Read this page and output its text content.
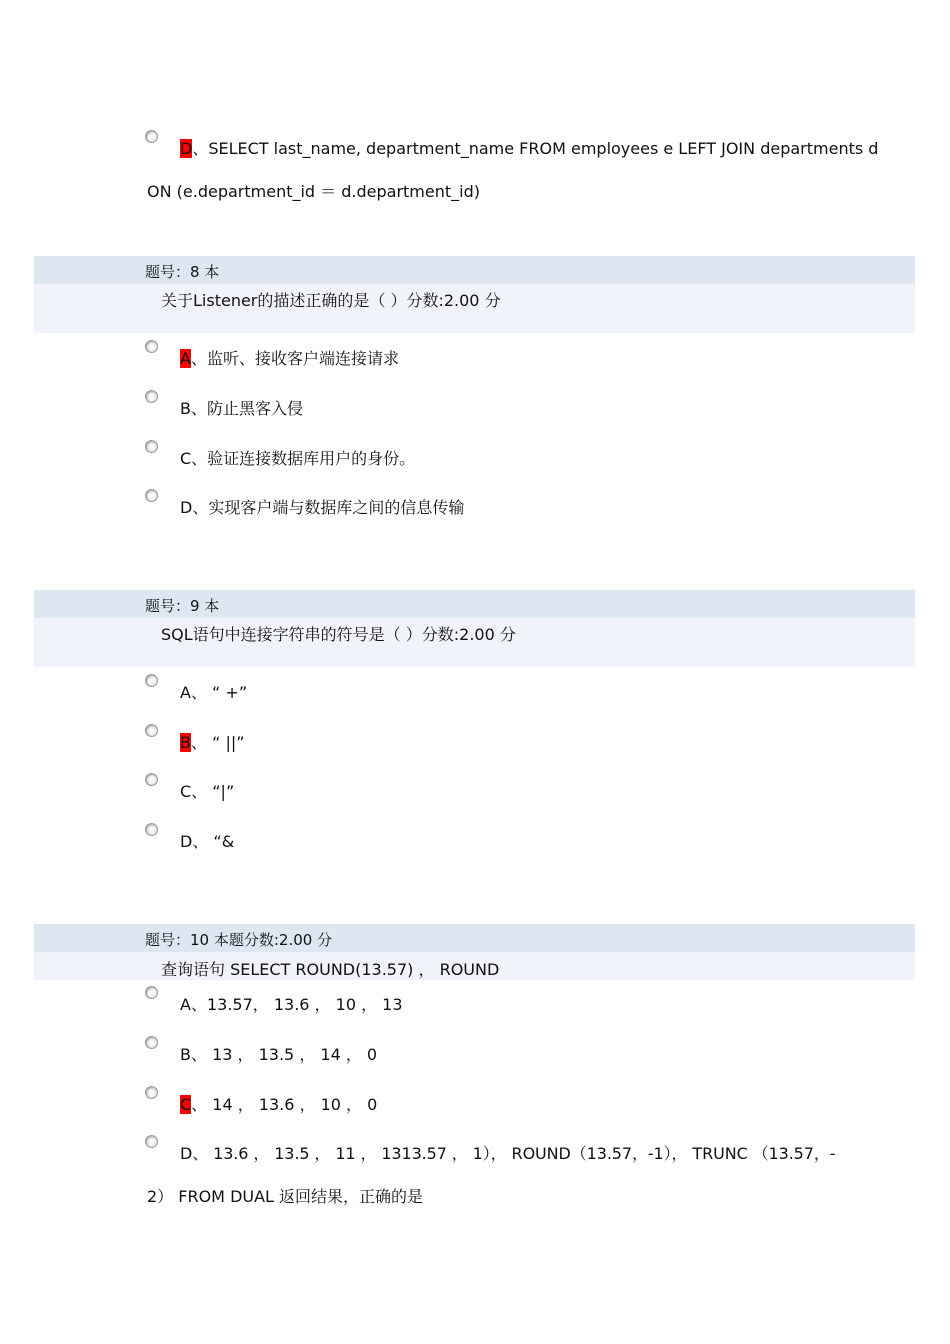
D、SELECT last_name, department_name FROM employees e LEFT JOIN departments d
ON (e.department_id ＝ d.department_id)
题号：8 本
关于Listener的描述正确的是（ ）分数:2.00 分
A、监听、接收客户端连接请求
B、防止黑客入侵
C、验证连接数据库用户的身份。
D、实现客户端与数据库之间的信息传输
题号：9 本
SQL语句中连接字符串的符号是（ ）分数:2.00 分
A、 “ +”
B、 “ ||”
C、 “|”
D、 “&
题号：10 本题分数:2.00 分
查询语句 SELECT ROUND(13.57) ， ROUND
A、13.57， 13.6 ， 10 ， 13
B、 13 ， 13.5 ， 14 ， 0
C、 14 ， 13.6 ， 10 ， 0
D、 13.6 ， 13.5 ， 11 ， 1313.57 ， 1）， ROUND（13.57，-1）， TRUNC （13.57，-
2） FROM DUAL 返回结果，正确的是
